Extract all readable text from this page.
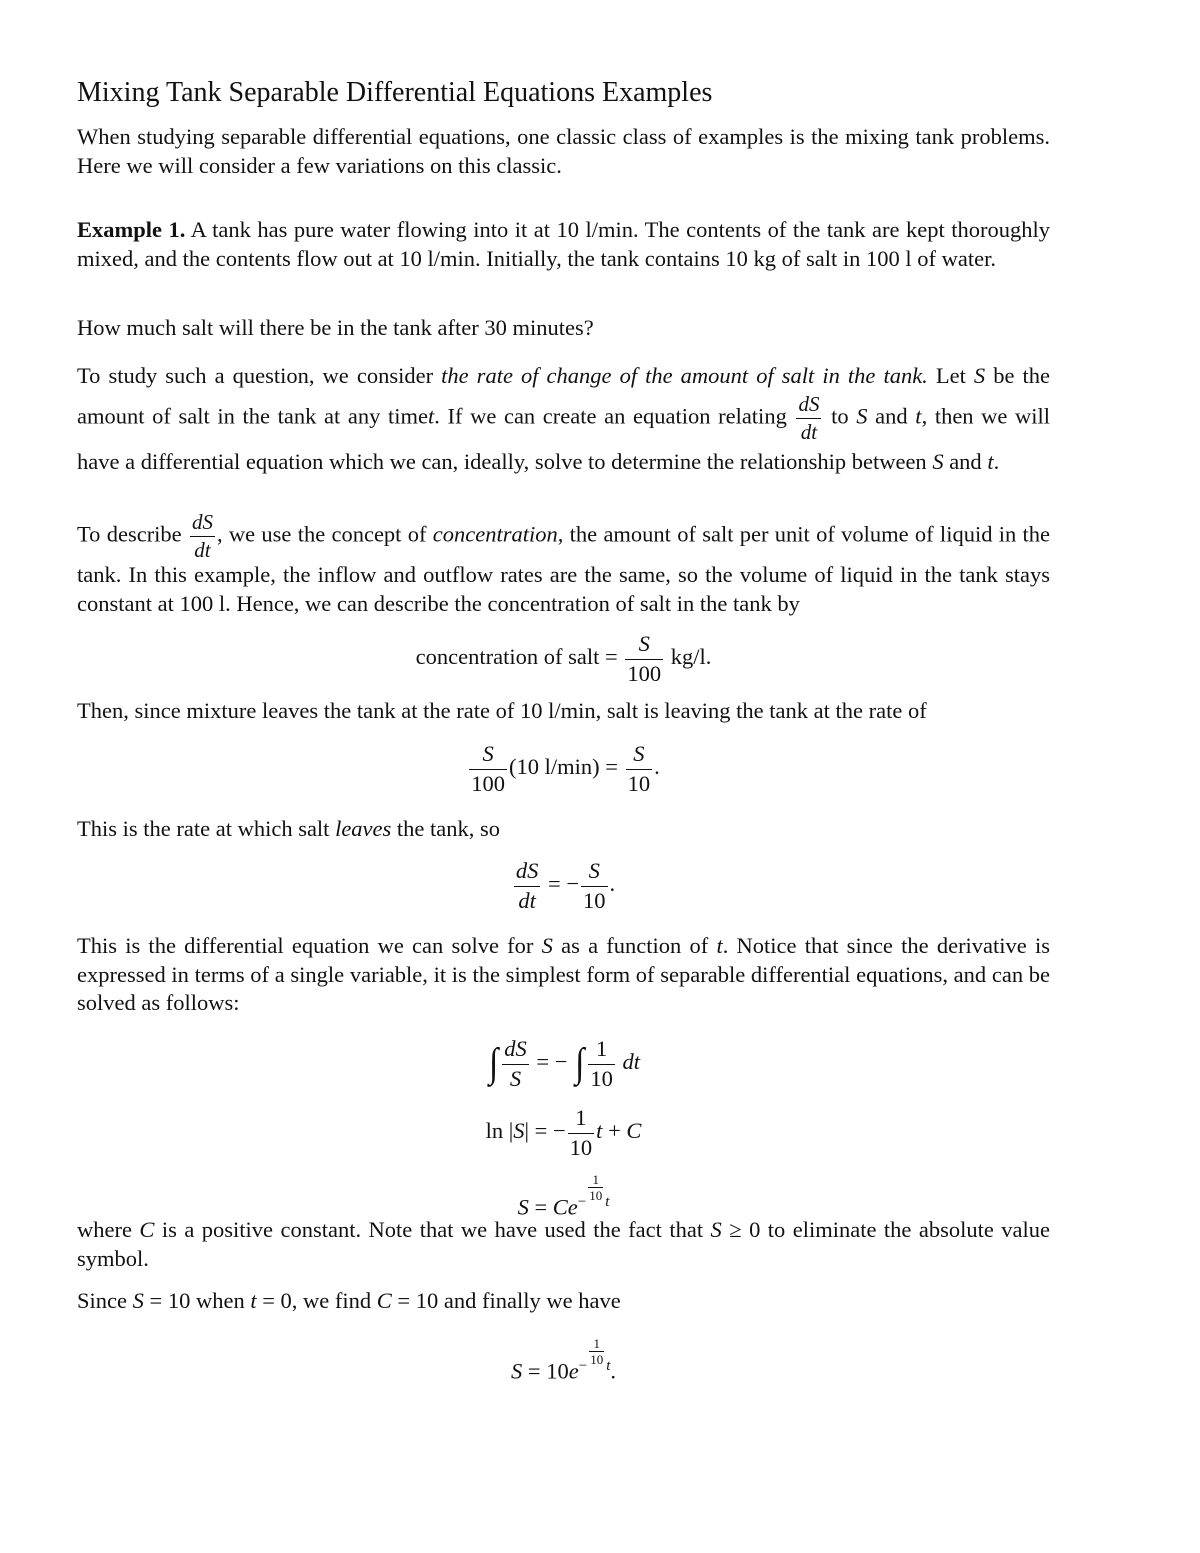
Mixing Tank Separable Differential Equations Examples
When studying separable differential equations, one classic class of examples is the mixing tank problems. Here we will consider a few variations on this classic.
Example 1. A tank has pure water flowing into it at 10 l/min. The contents of the tank are kept thoroughly mixed, and the contents flow out at 10 l/min. Initially, the tank contains 10 kg of salt in 100 l of water.
How much salt will there be in the tank after 30 minutes?
To study such a question, we consider the rate of change of the amount of salt in the tank. Let S be the amount of salt in the tank at any timet. If we can create an equation relating $\frac{dS}{dt}$ to S and t, then we will have a differential equation which we can, ideally, solve to determine the relationship between S and t.
To describe $\frac{dS}{dt}$ , we use the concept of concentration, the amount of salt per unit of volume of liquid in the tank. In this example, the inflow and outflow rates are the same, so the volume of liquid in the tank stays constant at 100 l. Hence, we can describe the concentration of salt in the tank by
concentration of salt = $\frac{S}{100} kg/l$.
Then, since mixture leaves the tank at the rate of 10 l/min, salt is leaving the tank at the rate of
$\frac{S}{100} (10$ $l/\min) = \frac{S}{10}$ .
This is the rate at which salt leaves the tank, so
$\frac{dS}{dt}$ = − $\frac{S}{10}$ .
This is the differential equation we can solve for S as a function of t. Notice that since the derivative is expressed in terms of a single variable, it is the simplest form of separable differential equations, and can be solved as follows:
∫ $\frac{dS}{S}$ = − ∫ $\frac{1}{10}$ dt
ln |S| = − $\frac{1}{10}$ t + C
$S = Ce^{- \frac{1}{10} t}$
where C is a positive constant. Note that we have used the fact that S ≥ 0 to eliminate the absolute value symbol.
Since S = 10 when t = 0, we find C = 10 and finally we have
$S = 10e^{- \frac{1}{10} t}$.
